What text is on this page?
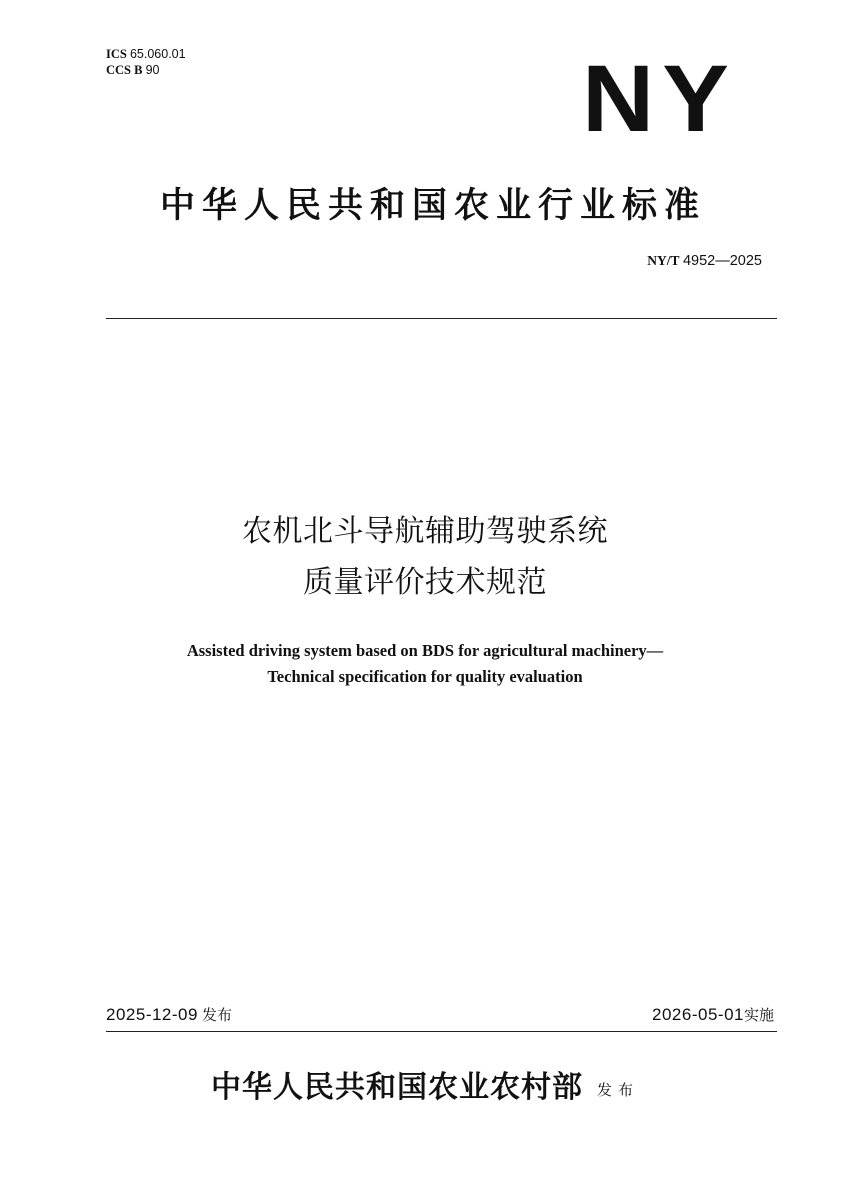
ICS 65.060.01
CCS B 90	NY
中华人民共和国农业行业标准
NY/T 4952—2025
农机北斗导航辅助驾驶系统
质量评价技术规范
Assisted driving system based on BDS for agricultural machinery—
Technical specification for quality evaluation
2025-12-09 发布	2026-05-01实施
中华人民共和国农业农村部 发布
